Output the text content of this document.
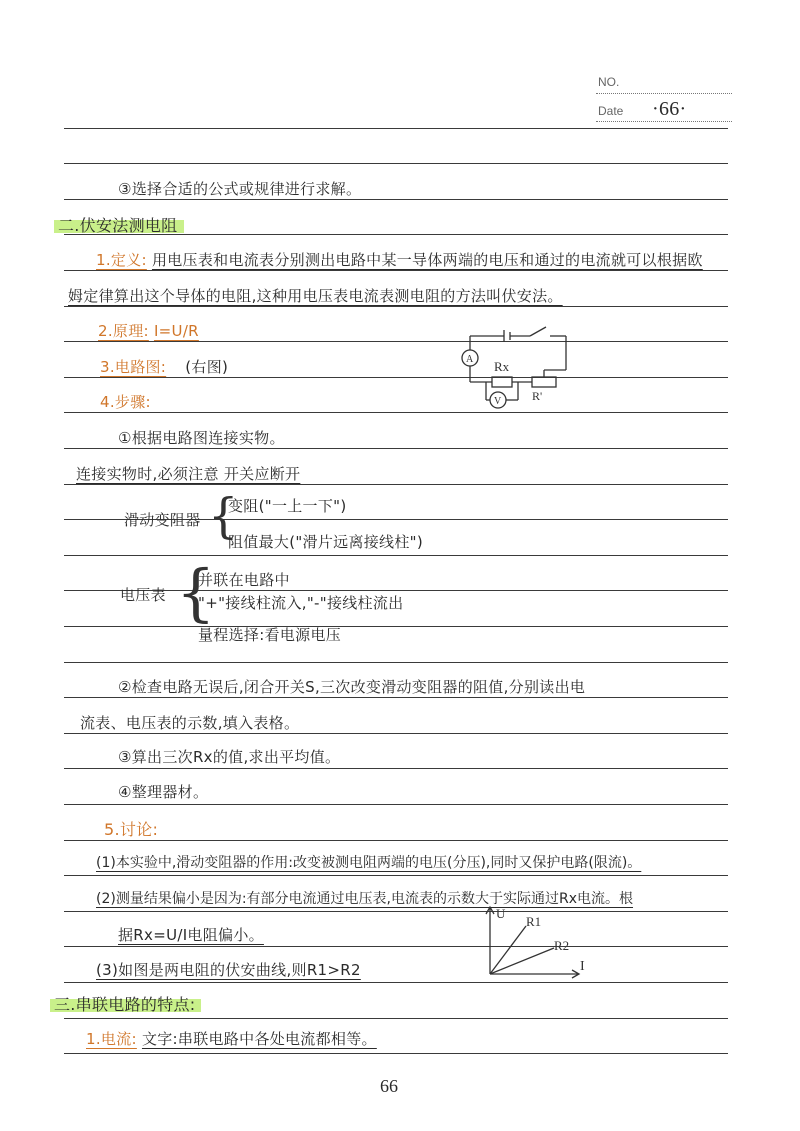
NO.
Date ·66·
③选择合适的公式或规律进行求解。
二.伏安法测电阻
1.定义: 用电压表和电流表分别测出电路中某一导体两端的电压和通过的电流就可以根据欧
姆定律算出这个导体的电阻,这种用电压表电流表测电阻的方法叫伏安法。
2.原理: I=U/R
3.电路图: (右图)
4.步骤:
A
V
Rx
R'
①根据电路图连接实物。
连接实物时,必须注意 开关应断开
滑动变阻器 {
变阻("一上一下")
阻值最大("滑片远离接线柱")
电压表 {
并联在电路中
"+"接线柱流入,"-"接线柱流出
量程选择:看电源电压
②检查电路无误后,闭合开关S,三次改变滑动变阻器的阻值,分别读出电
流表、电压表的示数,填入表格。
③算出三次Rx的值,求出平均值。
④整理器材。
5.讨论:
(1)本实验中,滑动变阻器的作用:改变被测电阻两端的电压(分压),同时又保护电路(限流)。
(2)测量结果偏小是因为:有部分电流通过电压表,电流表的示数大于实际通过Rx电流。根
据Rx=U/I电阻偏小。
(3)如图是两电阻的伏安曲线,则R1>R2
U
I
R1
R2
三.串联电路的特点:
1.电流: 文字:串联电路中各处电流都相等。
66
